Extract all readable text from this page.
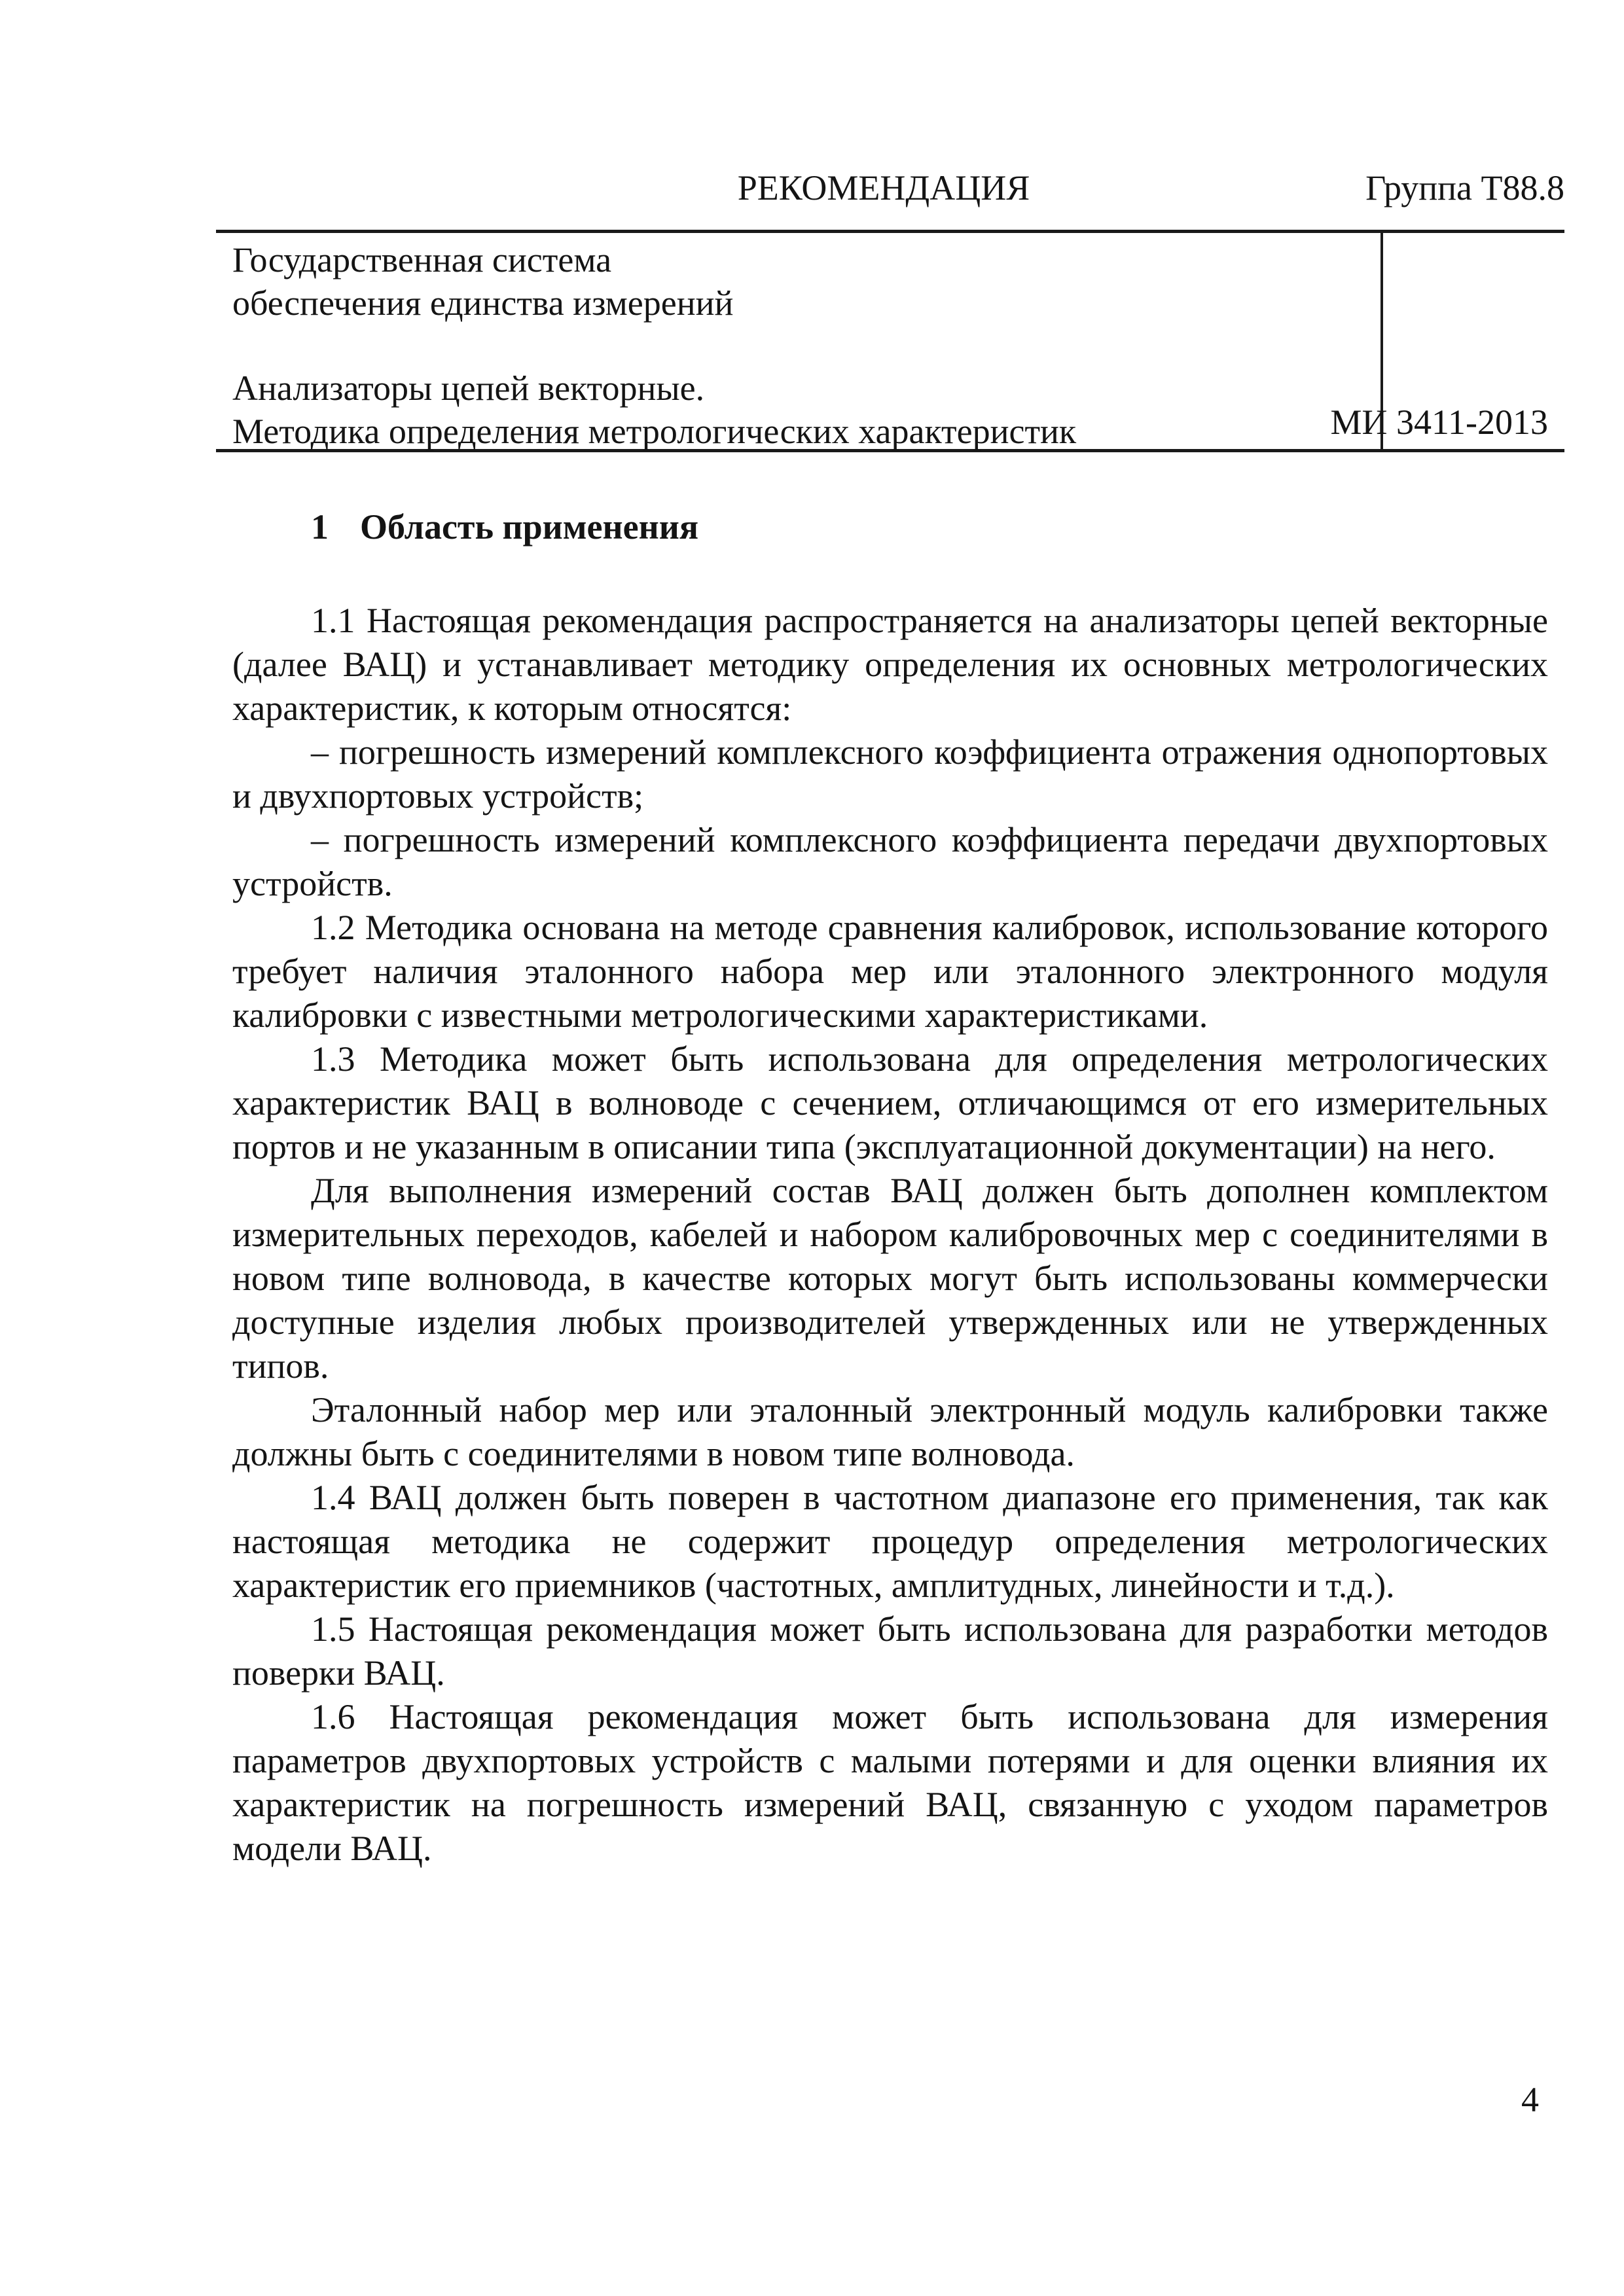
РЕКОМЕНДАЦИЯ	Группа Т88.8
Государственная система
обеспечения единства измерений
Анализаторы цепей векторные.
Методика определения метрологических характеристик	МИ 3411-2013
1 Область применения

1.1 Настоящая рекомендация распространяется на анализаторы цепей векторные (далее ВАЦ) и устанавливает методику определения их основных метрологических характеристик, к которым относятся:

– погрешность измерений комплексного коэффициента отражения однопортовых и двухпортовых устройств;

– погрешность измерений комплексного коэффициента передачи двухпортовых устройств.

1.2 Методика основана на методе сравнения калибровок, использование которого требует наличия эталонного набора мер или эталонного электронного модуля калибровки с известными метрологическими характеристиками.

1.3 Методика может быть использована для определения метрологических характеристик ВАЦ в волноводе с сечением, отличающимся от его измерительных портов и не указанным в описании типа (эксплуатационной документации) на него.

Для выполнения измерений состав ВАЦ должен быть дополнен комплектом измерительных переходов, кабелей и набором калибровочных мер с соединителями в новом типе волновода, в качестве которых могут быть использованы коммерчески доступные изделия любых производителей утвержденных или не утвержденных типов.

Эталонный набор мер или эталонный электронный модуль калибровки также должны быть с соединителями в новом типе волновода.

1.4 ВАЦ должен быть поверен в частотном диапазоне его применения, так как настоящая методика не содержит процедур определения метрологических характеристик его приемников (частотных, амплитудных, линейности и т.д.).

1.5 Настоящая рекомендация может быть использована для разработки методов поверки ВАЦ.

1.6 Настоящая рекомендация может быть использована для измерения параметров двухпортовых устройств с малыми потерями и для оценки влияния их характеристик на погрешность измерений ВАЦ, связанную с уходом параметров модели ВАЦ.

4
